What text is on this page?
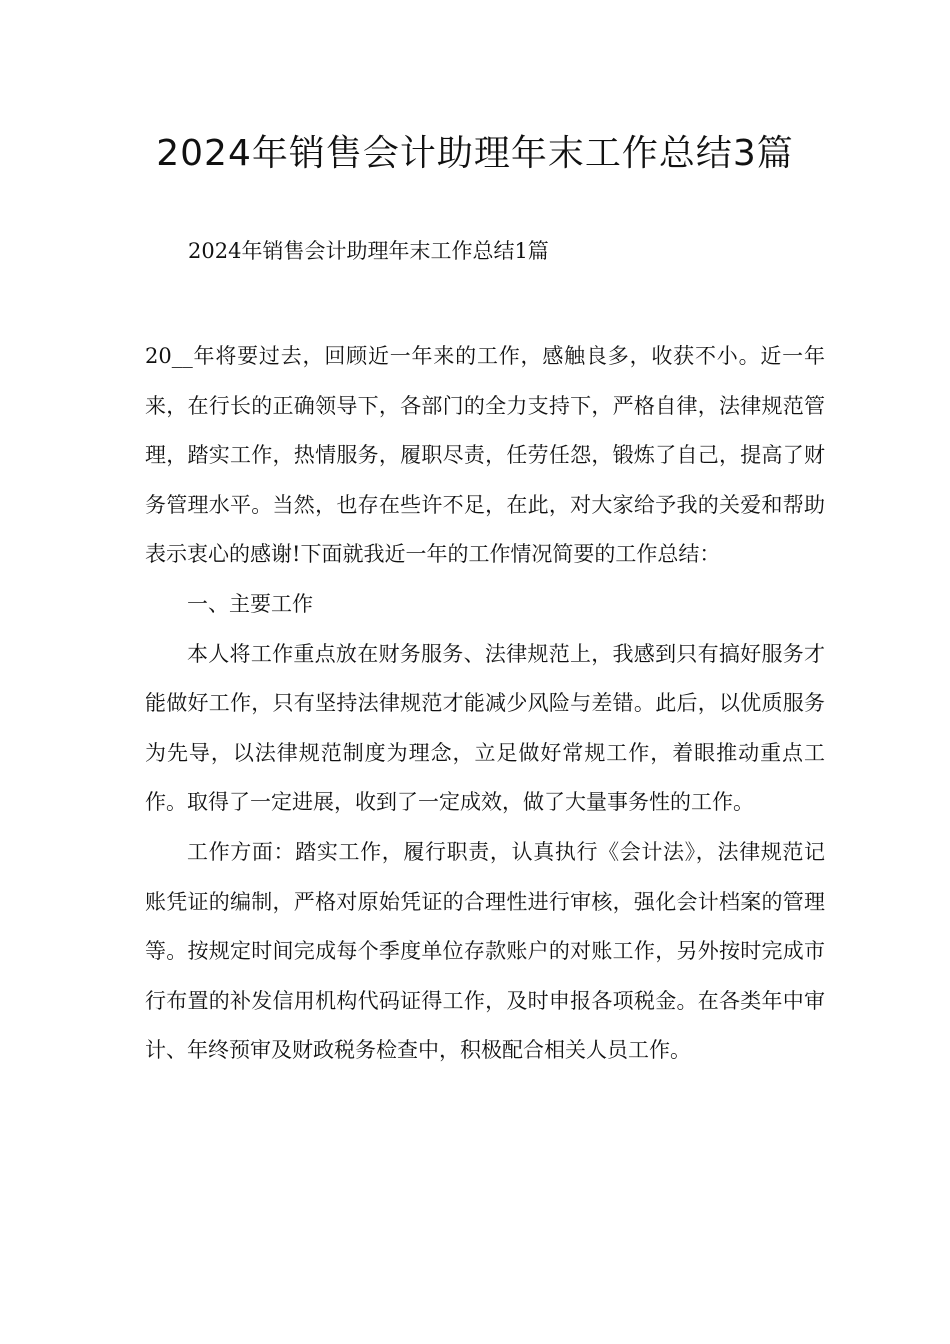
2024年销售会计助理年末工作总结3篇

2024年销售会计助理年末工作总结1篇

20__年将要过去，回顾近一年来的工作，感触良多，收获不小。近一年来，在行长的正确领导下，各部门的全力支持下，严格自律，法律规范管理，踏实工作，热情服务，履职尽责，任劳任怨，锻炼了自己，提高了财务管理水平。当然，也存在些许不足，在此，对大家给予我的关爱和帮助表示衷心的感谢!下面就我近一年的工作情况简要的工作总结：

一、主要工作

本人将工作重点放在财务服务、法律规范上，我感到只有搞好服务才能做好工作，只有坚持法律规范才能减少风险与差错。此后，以优质服务为先导，以法律规范制度为理念，立足做好常规工作，着眼推动重点工作。取得了一定进展，收到了一定成效，做了大量事务性的工作。

工作方面：踏实工作，履行职责，认真执行《会计法》，法律规范记账凭证的编制，严格对原始凭证的合理性进行审核，强化会计档案的管理等。按规定时间完成每个季度单位存款账户的对账工作，另外按时完成市行布置的补发信用机构代码证得工作，及时申报各项税金。在各类年中审计、年终预审及财政税务检查中，积极配合相关人员工作。
